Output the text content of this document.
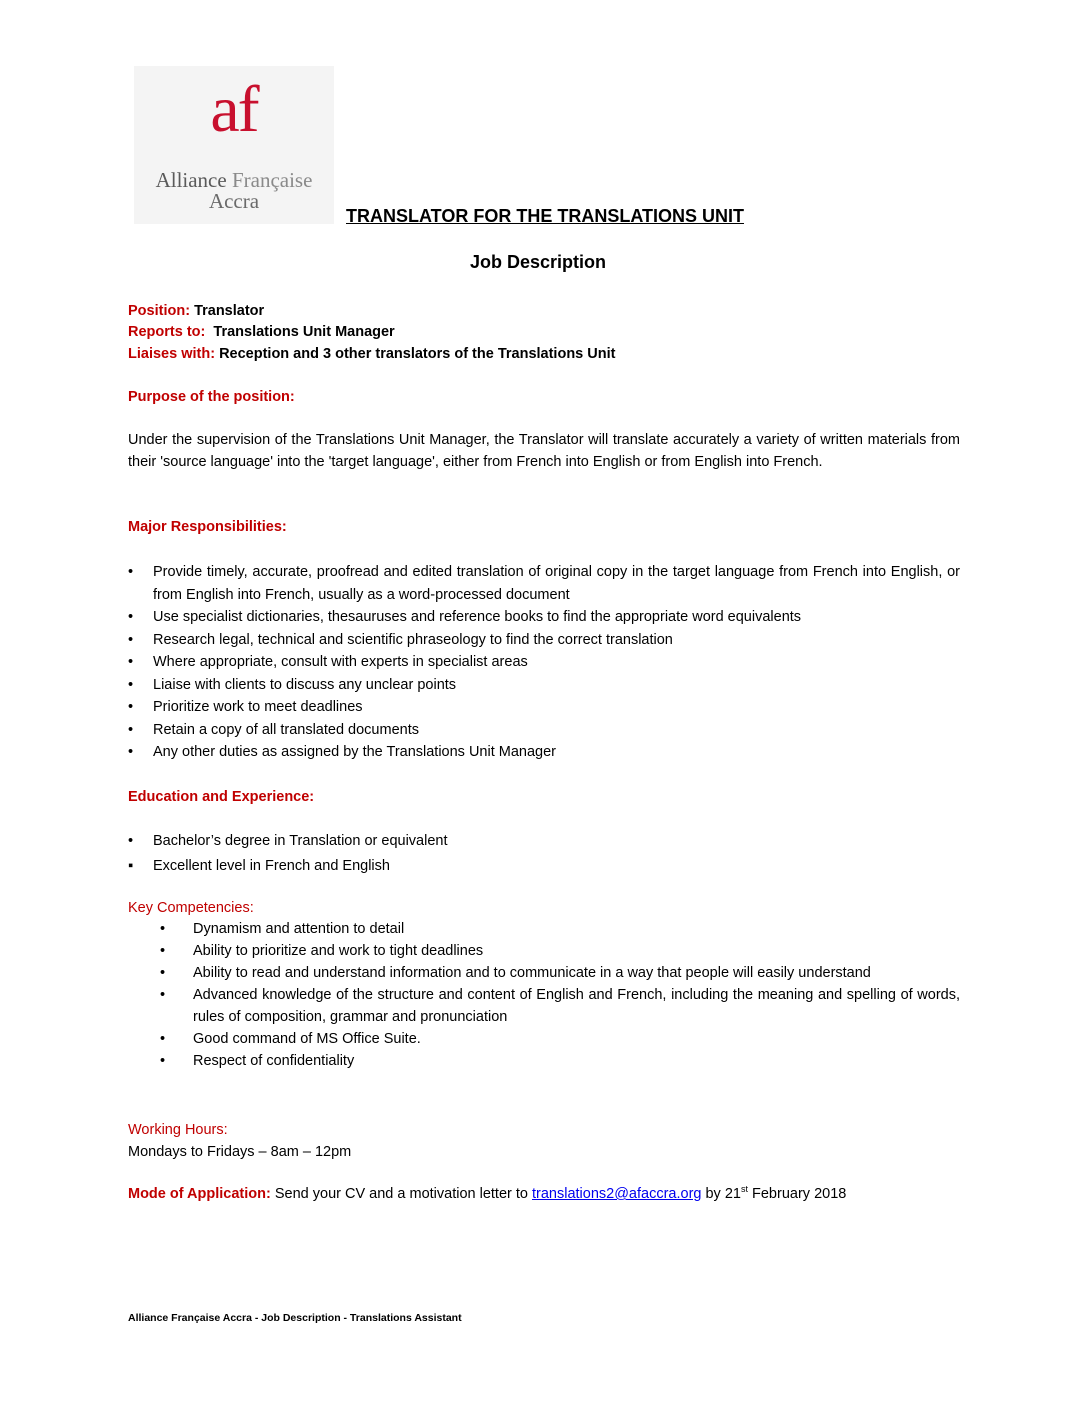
af
Alliance Française
Accra
TRANSLATOR FOR THE TRANSLATIONS UNIT
Job Description
Position: Translator
Reports to: Translations Unit Manager
Liaises with: Reception and 3 other translators of the Translations Unit
Purpose of the position:
Under the supervision of the Translations Unit Manager, the Translator will translate accurately a variety of written materials from their 'source language' into the 'target language', either from French into English or from English into French.
Major Responsibilities:
• Provide timely, accurate, proofread and edited translation of original copy in the target language from French into English, or from English into French, usually as a word-processed document
• Use specialist dictionaries, thesauruses and reference books to find the appropriate word equivalents
• Research legal, technical and scientific phraseology to find the correct translation
• Where appropriate, consult with experts in specialist areas
• Liaise with clients to discuss any unclear points
• Prioritize work to meet deadlines
• Retain a copy of all translated documents
• Any other duties as assigned by the Translations Unit Manager
Education and Experience:
• Bachelor’s degree in Translation or equivalent
▪ Excellent level in French and English
Key Competencies:
• Dynamism and attention to detail
• Ability to prioritize and work to tight deadlines
• Ability to read and understand information and to communicate in a way that people will easily understand
• Advanced knowledge of the structure and content of English and French, including the meaning and spelling of words, rules of composition, grammar and pronunciation
• Good command of MS Office Suite.
• Respect of confidentiality
Working Hours:
Mondays to Fridays – 8am – 12pm
Mode of Application: Send your CV and a motivation letter to translations2@afaccra.org by 21st February 2018
Alliance Française Accra - Job Description - Translations Assistant
